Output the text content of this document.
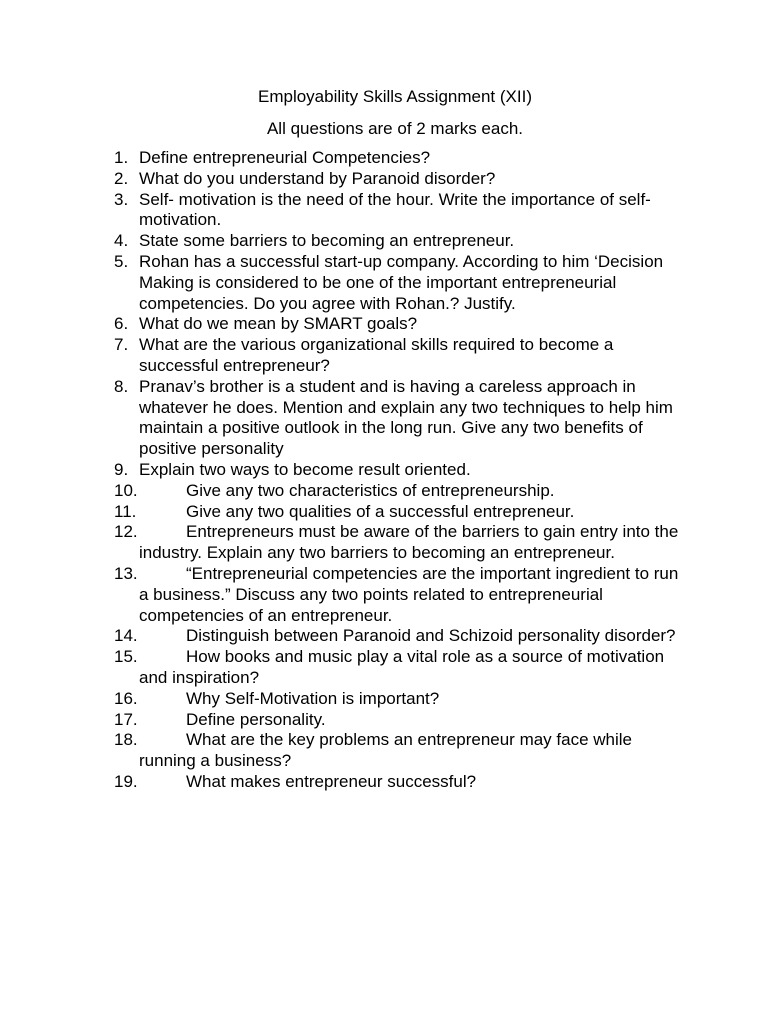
Employability Skills Assignment (XII)

All questions are of 2 marks each.

1. Define entrepreneurial Competencies?
2. What do you understand by Paranoid disorder?
3. Self- motivation is the need of the hour. Write the importance of self-motivation.
4. State some barriers to becoming an entrepreneur.
5. Rohan has a successful start-up company. According to him ‘Decision Making is considered to be one of the important entrepreneurial competencies. Do you agree with Rohan.? Justify.
6. What do we mean by SMART goals?
7. What are the various organizational skills required to become a successful entrepreneur?
8. Pranav’s brother is a student and is having a careless approach in whatever he does. Mention and explain any two techniques to help him maintain a positive outlook in the long run. Give any two benefits of positive personality
9. Explain two ways to become result oriented.
10.	Give any two characteristics of entrepreneurship.
11.	Give any two qualities of a successful entrepreneur.
12.	Entrepreneurs must be aware of the barriers to gain entry into the industry. Explain any two barriers to becoming an entrepreneur.
13.	“Entrepreneurial competencies are the important ingredient to run a business.” Discuss any two points related to entrepreneurial competencies of an entrepreneur.
14.	Distinguish between Paranoid and Schizoid personality disorder?
15.	How books and music play a vital role as a source of motivation and inspiration?
16.	Why Self-Motivation is important?
17.	Define personality.
18.	What are the key problems an entrepreneur may face while running a business?
19.	What makes entrepreneur successful?
